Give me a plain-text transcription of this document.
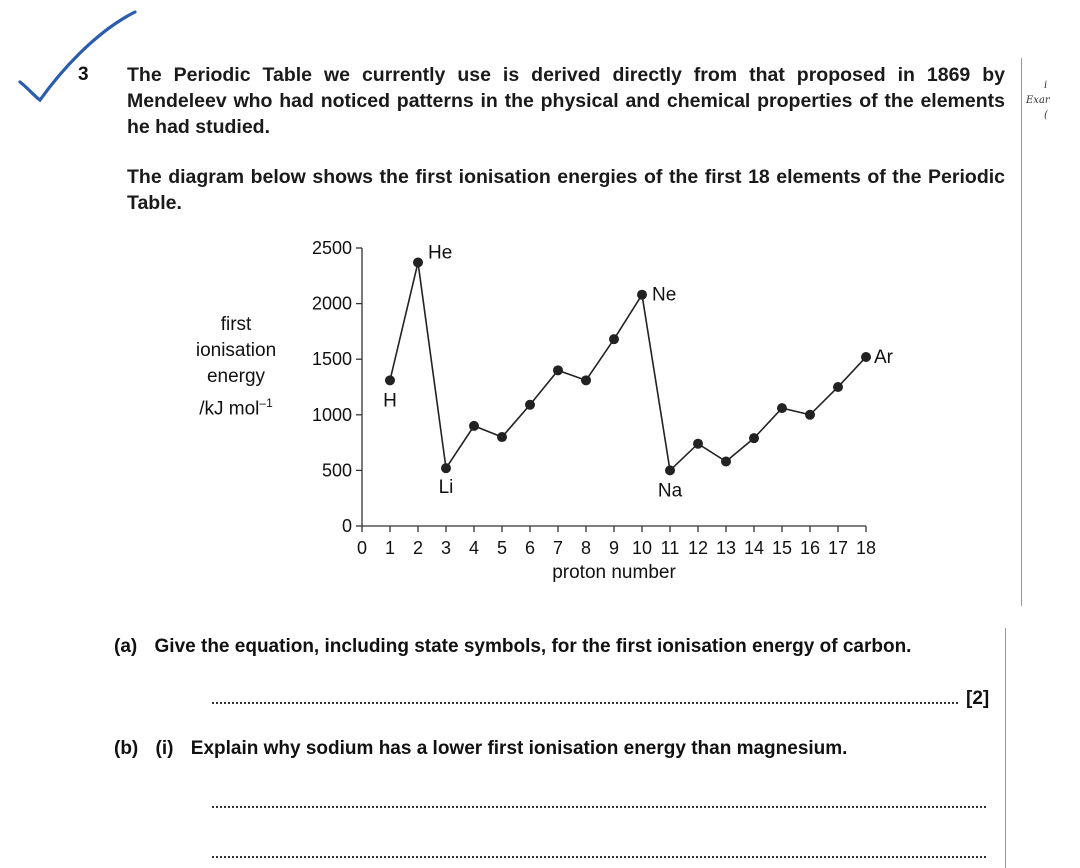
3 The Periodic Table we currently use is derived directly from that proposed in 1869 by Mendeleev who had noticed patterns in the physical and chemical properties of the elements he had studied.
The diagram below shows the first ionisation energies of the first 18 elements of the Periodic Table.
i
Exar
(
first
ionisation
energy
/kJ mol$^{-1}$
0
500
1000
1500
2000
2500
0 1 2 3 4 5 6 7 8 9 10 11 12 13 14 15 16 17 18
proton number
H
He
Li
Ne
Na
Ar
(a) Give the equation, including state symbols, for the first ionisation energy of carbon.
[2]
(b) (i) Explain why sodium has a lower first ionisation energy than magnesium.
